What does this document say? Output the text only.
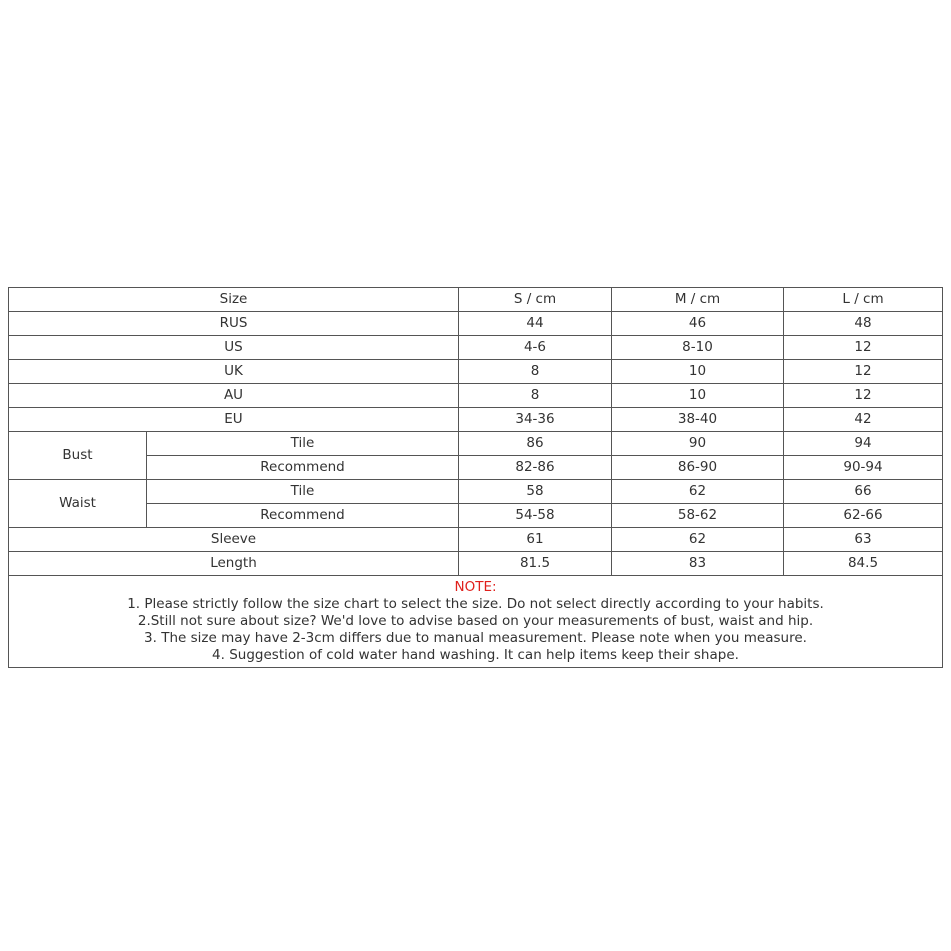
Size		S / cm	M / cm	L / cm
RUS		44	46	48
US		4-6	8-10	12
UK		8	10	12
AU		8	10	12
EU		34-36	38-40	42
Bust	Tile	86	90	94
	Recommend	82-86	86-90	90-94
Waist	Tile	58	62	66
	Recommend	54-58	58-62	62-66
Sleeve		61	62	63
Length		81.5	83	84.5

NOTE:
1. Please strictly follow the size chart to select the size. Do not select directly according to your habits.
2.Still not sure about size? We'd love to advise based on your measurements of bust, waist and hip.
3. The size may have 2-3cm differs due to manual measurement. Please note when you measure.
4. Suggestion of cold water hand washing. It can help items keep their shape.				
